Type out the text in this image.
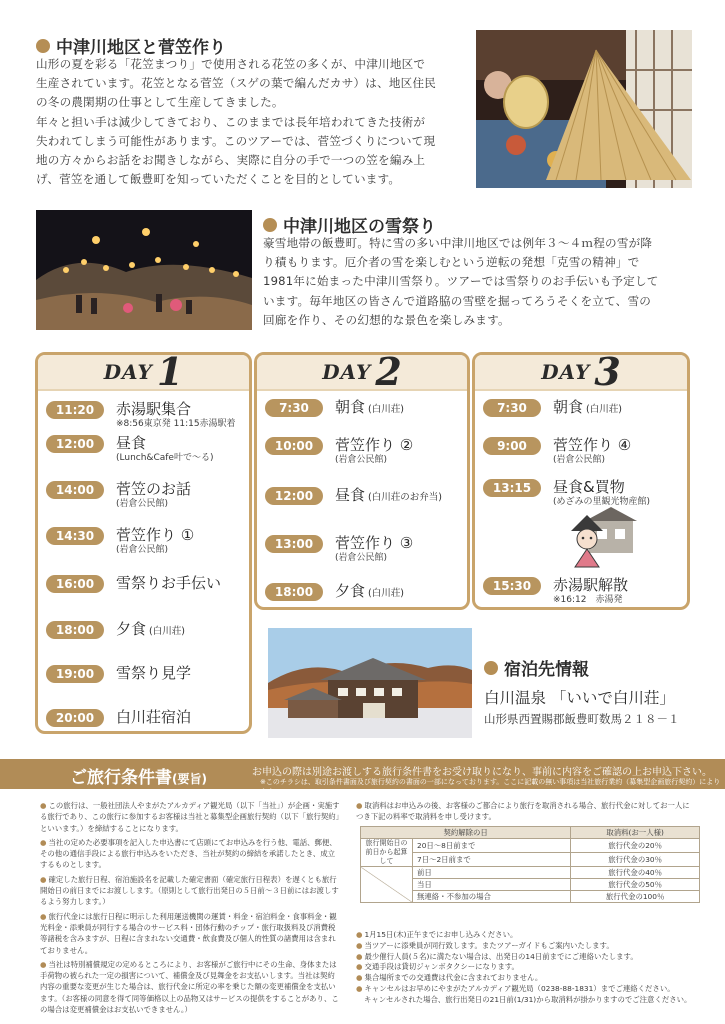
中津川地区と菅笠作り
山形の夏を彩る「花笠まつり」で使用される花笠の多くが、中津川地区で
生産されています。花笠となる菅笠（スゲの葉で編んだカサ）は、地区住民
の冬の農閑期の仕事として生産してきました。
年々と担い手は減少してきており、このままでは長年培われてきた技術が
失われてしまう可能性があります。このツアーでは、菅笠づくりについて現
地の方々からお話をお聞きしながら、実際に自分の手で一つの笠を編み上
げ、菅笠を通して飯豊町を知っていただくことを目的としています。
中津川地区の雪祭り
豪雪地帯の飯豊町。特に雪の多い中津川地区では例年３～４ｍ程の雪が降
り積もります。厄介者の雪を楽しむという逆転の発想「克雪の精神」で
1981年に始まった中津川雪祭り。ツアーでは雪祭りのお手伝いも予定して
います。毎年地区の皆さんで道路脇の雪壁を掘ってろうそくを立て、雪の
回廊を作り、その幻想的な景色を楽しみます。
DAY 1
11:20	赤湯駅集合
※8:56東京発 11:15赤湯駅着
12:00	昼食
(Lunch&Cafe叶で～る)
14:00	菅笠のお話
(岩倉公民館)
14:30	菅笠作り ①
(岩倉公民館)
16:00	雪祭りお手伝い
18:00	夕食 (白川荘)
19:00	雪祭り見学
20:00	白川荘宿泊
DAY 2
7:30	朝食 (白川荘)
10:00	菅笠作り ②
(岩倉公民館)
12:00	昼食 (白川荘のお弁当)
13:00	菅笠作り ③
(岩倉公民館)
18:00	夕食 (白川荘)
DAY 3
7:30	朝食 (白川荘)
9:00	菅笠作り ④
(岩倉公民館)
13:15	昼食&買物
(めざみの里観光物産館)
15:30	赤湯駅解散
※16:12　赤湯発
宿泊先情報
白川温泉 「いいで白川荘」
山形県西置賜郡飯豊町数馬２１８－１
ご旅行条件書(要旨)	お申込の際は別途お渡しする旅行条件書をお受け取りになり、事前に内容をご確認の上お申込下さい。
※このチラシは、取引条件書面及び旅行契約の書面の一部になっております。ここに記載の無い事項は当社旅行業約（募集型企画旅行契約）によります。

● この旅行は、一般社団法人やまがたアルカディア観光局（以下「当社」）が企画・実施する旅行であり、この旅行に参加するお客様は当社と募集型企画旅行契約（以下「旅行契約」といいます。）を締結することになります。

● 当社の定めた必要事項を記入した申込書にて店頭にてお申込みを行う他、電話、郵便、その他の通信手段による旅行申込みをいただき、当社が契約の締結を承諾したとき、成立するものとします。

● 確定した旅行日程、宿泊施設名を記載した確定書面（確定旅行日程表）を遅くとも旅行開始日の前日までにお渡しします。（原則として旅行出発日の５日前～３日前にはお渡しするよう努力します。）

● 旅行代金には旅行日程に明示した利用運送機関の運賃・料金・宿泊料金・食事料金・観光料金・添乗員が同行する場合のサービス料・団体行動のチップ・旅行取扱料及び消費税等諸税を含みますが、日程に含まれない交通費・飲食費及び個人的性質の諸費用は含まれておりません。

● 当社は特別補償規定の定めるところにより、お客様がご旅行中にその生命、身体または手荷物の被られた一定の損害について、補償金及び見舞金をお支払いします。当社は契約内容の重要な変更が生じた場合は、旅行代金に所定の率を乗じた額の変更補償金を支払います。（お客様の同意を得て同等価格以上の品物又はサービスの提供をすることがあり、この場合は変更補償金はお支払いできません。）

● 取消料はお申込みの後、お客様のご都合により旅行を取消される場合、旅行代金に対してお一人につき下記の料率で取消料を申し受けます。

契約解除の日		取消料(お一人様)
旅行開始日の前日から起算して	20日～8日前まで	旅行代金の20％
	7日～2日前まで	旅行代金の30％
	前日	旅行代金の40％
	当日	旅行代金の50％
	無連絡・不参加の場合	旅行代金の100％

● 1月15日(木)正午までにお申し込みください。

● 当ツアーに添乗員が同行致します。またツアーガイドもご案内いたします。

● 最少催行人員(５名)に満たない場合は、出発日の14日前までにご連絡いたします。

● 交通手段は貸切ジャンボタクシーになります。

● 集合場所までの交通費は代金に含まれておりません。

● キャンセルはお早めにやまがたアルカディア観光局（0238-88-1831）までご連絡ください。

キャンセルされた場合、旅行出発日の21日前(1/31)から取消料が掛かりますのでご注意ください。
